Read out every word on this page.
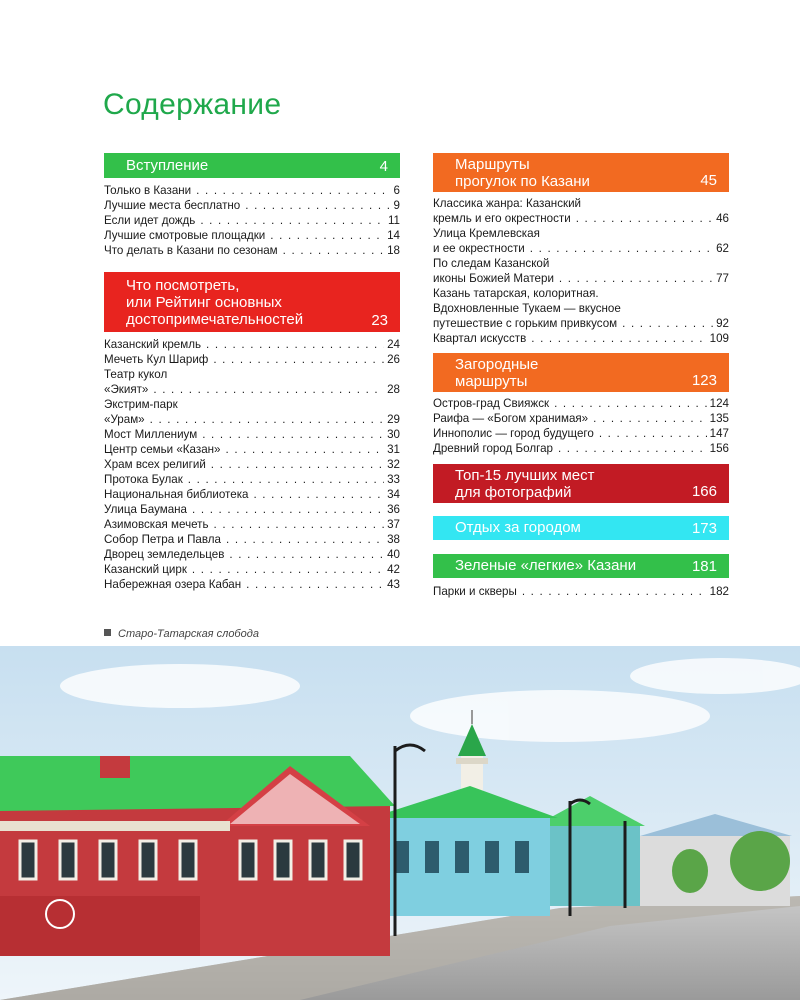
Содержание
Вступление	4
Только в Казани . . .	6
Лучшие места бесплатно . . .	9
Если идет дождь . . .	11
Лучшие смотровые площадки . . .	14
Что делать в Казани по сезонам . . .	18
Что посмотреть,
или Рейтинг основных
достопримечательностей	23
Казанский кремль . . .	24
Мечеть Кул Шариф . . .	26
Театр кукол
«Экият» . . .	28
Экстрим-парк
«Урам» . . .	29
Мост Миллениум . . .	30
Центр семьи «Казан» . . .	31
Храм всех религий . . .	32
Протока Булак . . .	33
Национальная библиотека . . .	34
Улица Баумана . . .	36
Азимовская мечеть . . .	37
Собор Петра и Павла . . .	38
Дворец земледельцев . . .	40
Казанский цирк . . .	42
Набережная озера Кабан . . .	43
Маршруты
прогулок по Казани	45
Классика жанра: Казанский
кремль и его окрестности . . .	46
Улица Кремлевская
и ее окрестности . . .	62
По следам Казанской
иконы Божией Матери . . .	77
Казань татарская, колоритная.
Вдохновленные Тукаем — вкусное
путешествие с горьким привкусом . . .	92
Квартал искусств . . .	109
Загородные
маршруты	123
Остров-град Свияжск . . .	124
Раифа — «Богом хранимая» . . .	135
Иннополис — город будущего . . .	147
Древний город Болгар . . .	156
Топ-15 лучших мест
для фотографий	166
Отдых за городом	173
Зеленые «легкие» Казани	181
Парки и скверы . . .	182
Старо-Татарская слобода
